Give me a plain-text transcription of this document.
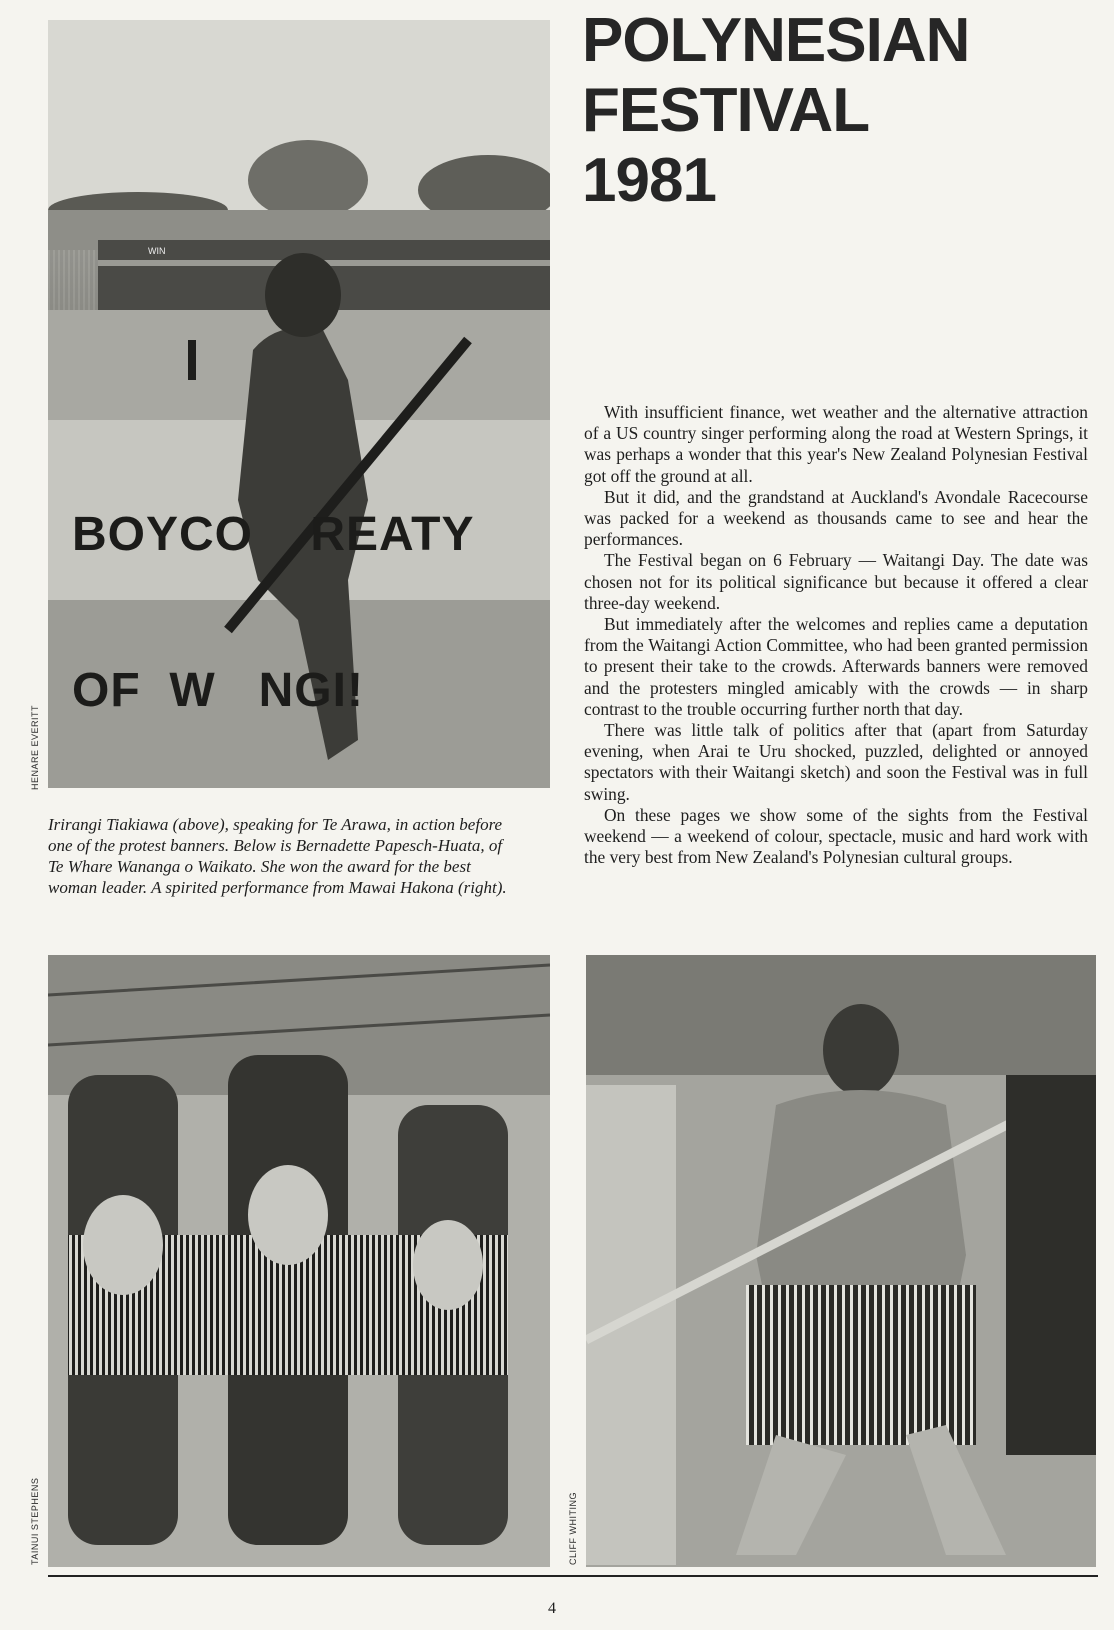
POLYNESIAN
FESTIVAL
1981
WIN

BOYCO    REATY

OF  W   NGI!

HENARE EVERITT
Irirangi Tiakiawa (above), speaking for Te Arawa, in action before one of the protest banners. Below is Bernadette Papesch-Huata, of Te Whare Wananga o Waikato. She won the award for the best woman leader. A spirited performance from Mawai Hakona (right).

With insufficient finance, wet weather and the alternative attraction of a US country singer performing along the road at Western Springs, it was perhaps a wonder that this year's New Zealand Polynesian Festival got off the ground at all.

But it did, and the grandstand at Auckland's Avondale Racecourse was packed for a weekend as thousands came to see and hear the performances.

The Festival began on 6 February — Waitangi Day. The date was chosen not for its political significance but because it offered a clear three-day weekend.

But immediately after the welcomes and replies came a deputation from the Waitangi Action Committee, who had been granted permission to present their take to the crowds. Afterwards banners were removed and the protesters mingled amicably with the crowds — in sharp contrast to the trouble occurring further north that day.

There was little talk of politics after that (apart from Saturday evening, when Arai te Uru shocked, puzzled, delighted or annoyed spectators with their Waitangi sketch) and soon the Festival was in full swing.

On these pages we show some of the sights from the Festival weekend — a weekend of colour, spectacle, music and hard work with the very best from New Zealand's Polynesian cultural groups.

TAINUI STEPHENS	CLIFF WHITING
4
